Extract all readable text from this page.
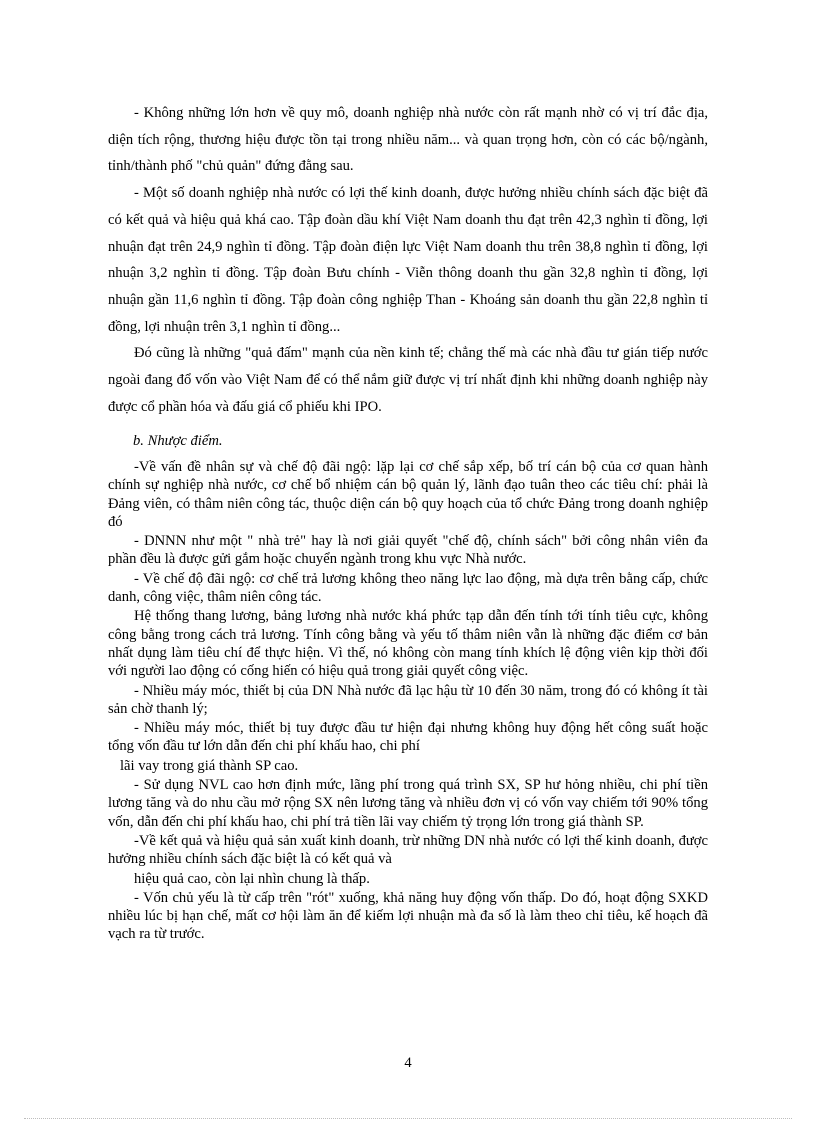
- Không những lớn hơn về quy mô, doanh nghiệp nhà nước còn rất mạnh nhờ có vị trí đắc địa, diện tích rộng, thương hiệu được tồn tại trong nhiều năm... và quan trọng hơn, còn có các bộ/ngành, tỉnh/thành phố "chủ quản" đứng đằng sau.

- Một số doanh nghiệp nhà nước có lợi thế kinh doanh, được hưởng nhiều chính sách đặc biệt đã có kết quả và hiệu quả khá cao. Tập đoàn dầu khí Việt Nam doanh thu đạt trên 42,3 nghìn tỉ đồng, lợi nhuận đạt trên 24,9 nghìn tỉ đồng. Tập đoàn điện lực Việt Nam doanh thu trên 38,8 nghìn tỉ đồng, lợi nhuận 3,2 nghìn tỉ đồng. Tập đoàn Bưu chính - Viễn thông doanh thu gần 32,8 nghìn tỉ đồng, lợi nhuận gần 11,6 nghìn tỉ đồng. Tập đoàn công nghiệp Than - Khoáng sản doanh thu gần 22,8 nghìn tỉ đồng, lợi nhuận trên 3,1 nghìn tỉ đồng...

Đó cũng là những "quả đấm" mạnh của nền kinh tế; chẳng thế mà các nhà đầu tư gián tiếp nước ngoài đang đổ vốn vào Việt Nam để có thể nắm giữ được vị trí nhất định khi những doanh nghiệp này được cổ phần hóa và đấu giá cổ phiếu khi IPO.

b. Nhược điểm.

-Về vấn đề nhân sự và chế độ đãi ngộ: lặp lại cơ chế sắp xếp, bố trí cán bộ của cơ quan hành chính sự nghiệp nhà nước, cơ chế bổ nhiệm cán bộ quản lý, lãnh đạo tuân theo các tiêu chí: phải là Đảng viên, có thâm niên công tác, thuộc diện cán bộ quy hoạch của tổ chức Đảng trong doanh nghiệp đó

- DNNN như một " nhà trẻ" hay là nơi giải quyết "chế độ, chính sách" bởi công nhân viên đa phần đều là được gửi gắm hoặc chuyển ngành trong khu vực Nhà nước.

- Về chế độ đãi ngộ: cơ chế trả lương không theo năng lực lao động, mà dựa trên bằng cấp, chức danh, công việc, thâm niên công tác.

Hệ thống thang lương, bảng lương nhà nước khá phức tạp dẫn đến tính tới tính tiêu cực, không công bằng trong cách trả lương. Tính công bằng và yếu tố thâm niên vẫn là những đặc điểm cơ bản nhất dụng làm tiêu chí để thực hiện. Vì thế, nó không còn mang tính khích lệ động viên kịp thời đối với người lao động có cống hiến có hiệu quả trong giải quyết công việc.

- Nhiều máy móc, thiết bị của DN Nhà nước đã lạc hậu từ 10 đến 30 năm, trong đó có không ít tài sản chờ thanh lý;

- Nhiều máy móc, thiết bị tuy được đầu tư hiện đại nhưng không huy động hết công suất hoặc tổng vốn đầu tư lớn dẫn đến chi phí khấu hao, chi phí

lãi vay trong giá thành SP cao.

- Sử dụng NVL cao hơn định mức, lãng phí trong quá trình SX, SP hư hỏng nhiều, chi phí tiền lương tăng và do nhu cầu mở rộng SX nên lương tăng và nhiều đơn vị có vốn vay chiếm tới 90% tổng vốn, dẫn đến chi phí khấu hao, chi phí trả tiền lãi vay chiếm tỷ trọng lớn trong giá thành SP.

-Về kết quả và hiệu quả sản xuất kinh doanh, trừ những DN nhà nước có lợi thế kinh doanh, được hưởng nhiều chính sách đặc biệt là có kết quả và

hiệu quả cao, còn lại nhìn chung là thấp.

- Vốn chủ yếu là từ cấp trên "rót" xuống, khả năng huy động vốn thấp. Do đó, hoạt động SXKD nhiều lúc bị hạn chế, mất cơ hội làm ăn để kiếm lợi nhuận mà đa số là làm theo chỉ tiêu, kế hoạch đã vạch ra từ trước.

4
